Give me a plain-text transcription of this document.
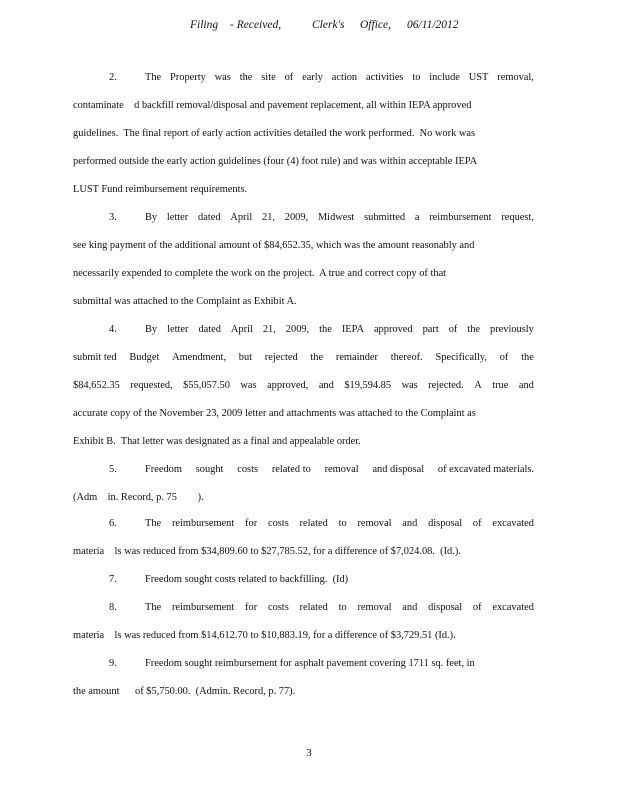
Filing - Received,	Clerk's Office, 06/11/2012
2.	The Property was the site of early action activities to include UST removal,
contaminate    d backfill removal/disposal and pavement replacement, all within IEPA approved
guidelines.  The final report of early action activities detailed the work performed.  No work was
performed outside the early action guidelines (four (4) foot rule) and was within acceptable IEPA
LUST Fund reimbursement requirements.
3.	By letter dated April 21, 2009, Midwest submitted a reimbursement request,
see king payment of the additional amount of $84,652.35, which was the amount reasonably and
necessarily expended to complete the work on the project.  A true and correct copy of that
submittal was attached to the Complaint as Exhibit A.
4.	By letter dated April 21, 2009, the IEPA approved part of the previously
submit ted Budget Amendment, but rejected the remainder thereof. Specifically, of the
$84,652.35 requested, $55,057.50 was approved, and $19,594.85 was rejected. A true and
accurate copy of the November 23, 2009 letter and attachments was attached to the Complaint as
Exhibit B.  That letter was designated as a final and appealable order.
5.	Freedom sought costs related to removal and disposal of excavated materials.
(Adm    in. Record, p. 75        ).
6.	The reimbursement for costs related to removal and disposal of excavated
materia    ls was reduced from $34,809.60 to $27,785.52, for a difference of $7,024.08.  (Id.).
7.	Freedom sought costs related to backfilling.  (Id)
8.	The reimbursement for costs related to removal and disposal of excavated
materia    ls was reduced from $14,612.70 to $10,883.19, for a difference of $3,729.51 (Id.).
9.	Freedom sought reimbursement for asphalt pavement covering 1711 sq. feet, in
the amount      of $5,750.00.  (Admin. Record, p. 77).
3
